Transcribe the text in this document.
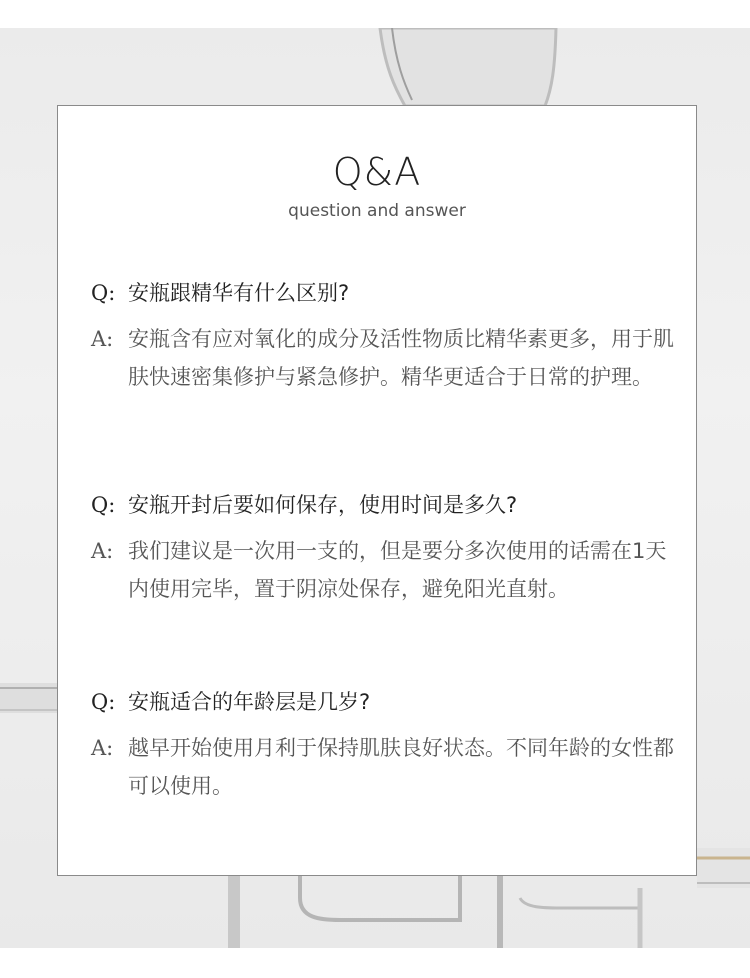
Q&A
question and answer
Q: 安瓶跟精华有什么区别?
A: 安瓶含有应对氧化的成分及活性物质比精华素更多，用于肌肤快速密集修护与紧急修护。精华更适合于日常的护理。
Q: 安瓶开封后要如何保存，使用时间是多久?
A: 我们建议是一次用一支的，但是要分多次使用的话需在1天内使用完毕，置于阴凉处保存，避免阳光直射。
Q: 安瓶适合的年龄层是几岁?
A: 越早开始使用月利于保持肌肤良好状态。不同年龄的女性都可以使用。
